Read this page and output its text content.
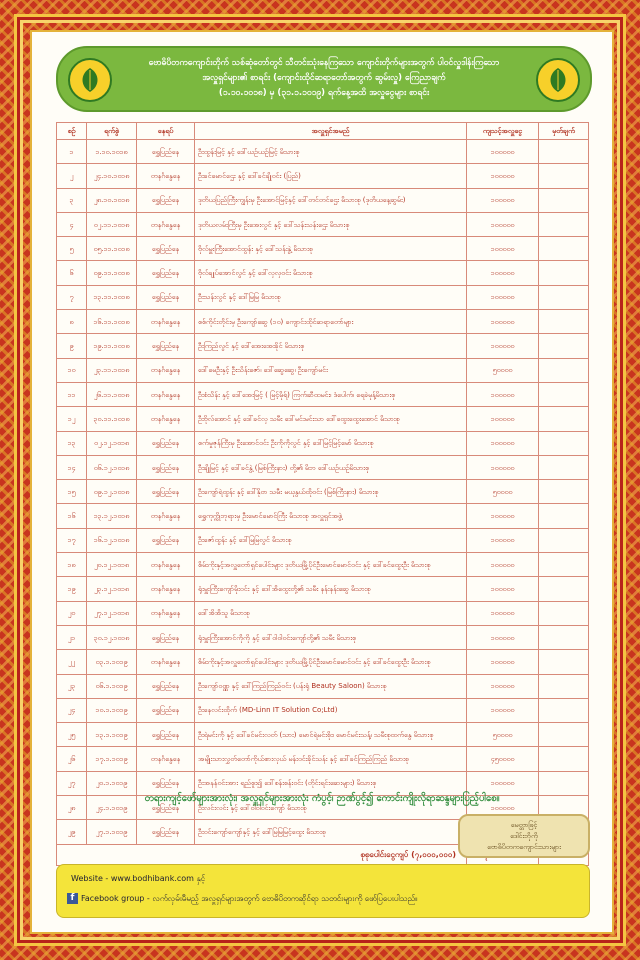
ဗောဓိပိတကကျောင်းတိုက် သစ်ဆုံတော်တွင် သီတင်းသုံးနေကြသော ကျောင်းတိုက်များအတွက် ပါဝင်လှူဒါန်းကြသော
အလှူရှင်များ၏ စာရင်း (ကျောင်းထိုင်ဆရာတော်အတွက် ဆွမ်းလှူ) ကြေညာချက်
(၁.၁၀.၁၀၁၈) မှ (၃၁.၁.၁၀၁၉) ရက်နေ့အထိ အလှူငွေများ စာရင်း
စဉ်	ရက်စွဲ	နေရပ်	အလှူရှင်အမည်	ကျသင့်အလှူငွေ	မှတ်ချက်
၁	၁.၁၀.၁၀၁၈	ရွှေပြည်နေ	ဦးထွန်းမြင့် နှင့် ဒေါ်ယဉ်ယဉ်မြင့် မိသားစု	၁၀၀၀၀၀	
၂	၂၄.၁၀.၁၀၁၈	တနင်္ဂနွေနေ	ဦးခင်မောင်ဌေး နှင့် ဒေါ်ခင်ချိုဝင်း (ပြည်)	၁၀၀၀၀၀	
၃	၂၈.၁၀.၁၀၁၈	ရွှေပြည်နေ	ဒုတိယပြည်ကြီးကျွန်းမှ ဦးအောင်မြင့်နှင့် ဒေါ်တင်တင်ဌေး မိသားစု (ဒုတိယနေ့ဆွမ်း)	၁၀၀၀၀၀	
၄	၀၂.၁၁.၁၀၁၈	တနင်္ဂနွေနေ	ဒုတိယလမ်းကြီးမှ ဦးအေးလွင် နှင့် ဒေါ်သန်းသန်းဌေး မိသားစု	၁၀၀၀၀၀	
၅	၀၅.၁၁.၁၀၁၈	ရွှေပြည်နေ	ဗိုလ်မှူးကြီးအောင်ထွန်း နှင့် ဒေါ်သန်းနွဲ့ မိသားစု	၁၀၀၀၀၀	
၆	၀၉.၁၁.၁၀၁၈	ရွှေပြည်နေ	ဗိုလ်ချုပ်အောင်လွင် နှင့် ဒေါ်လှလှဝင်း မိသားစု	၁၀၀၀၀၀	
၇	၁၃.၁၁.၁၀၁၈	ရွှေပြည်နေ	ဦးသန်းလွင် နှင့် ဒေါ်မြမြ မိသားစု	၁၀၀၀၀၀	
၈	၁၆.၁၁.၁၀၁၈	တနင်္ဂနွေနေ	စစ်ကိုင်းတိုင်းမှ ဦးကျော်ဆွေ (၁၀) ကျောင်းထိုင်ဆရာတော်များ	၁၀၀၀၀၀	
၉	၁၉.၁၁.၁၀၁၈	ရွှေပြည်နေ	ဦးကြည်လွင် နှင့် ဒေါ်အေးအေးခိုင် မိသားစု	၁၀၀၀၀၀	
၁၀	၂၃.၁၁.၁၀၁၈	တနင်္ဂနွေနေ	ဒေါ်မေဦးနှင့် ဦးသိန်းဇော်၊ ဒေါ်ဆွေဆွေ၊ ဦးကျော်မင်း	၅၀၀၀၀	
၁၁	၂၆.၁၁.၁၀၁၈	တနင်္ဂနွေနေ	ဦးစံသိန်း နှင့် ဒေါ်အေးမြင့် ( မြင့်မိုရ်) ကြက်ဆီထမင်း၊ ဒံပေါက်၊ ရေခဲမုန့်မိသားစု	၁၀၀၀၀၀	
၁၂	၃၀.၁၁.၁၀၁၈	တနင်္ဂနွေနေ	ဦးဗိုလ်အောင် နှင့် ဒေါ်ခင်လှ သမီး ဒေါ်မင်းမင်းသာ ဒေါ်ထွေးထွေးအောင် မိသားစု	၁၀၀၀၀၀	
၁၃	၀၂.၁၂.၁၀၁၈	ရွှေပြည်နေ	စက်မှုဇုန်ကြီးမှ ဦးအောင်ဝင်း ဦးကိုကိုလွင် နှင့် ဒေါ်မြင့်မြင့်မော် မိသားစု	၁၀၀၀၀၀	
၁၄	၀၆.၁၂.၁၀၁၈	ရွှေပြည်နေ	ဦးချိုမြင့် နှင့် ဒေါ်ခင်နွဲ့ (မြစ်ကြီးနား) တို့၏ မိဘ ဒေါ်ယဉ်ယဉ်မိသားစု	၁၀၀၀၀၀	
၁၅	၀၉.၁၂.၁၀၁၈	ရွှေပြည်နေ	ဦးကျော်ရဲထွန်း နှင့် ဒေါ်နိုဝာ သမီး မယုနွယ်ထိုဝင်း (မြစ်ကြီးနား) မိသားစု	၅၀၀၀၀	
၁၆	၁၃.၁၂.၁၀၁၈	တနင်္ဂနွေနေ	ရွှေကုက္ကိုဘုရားမှ ဦးမောင်မောင်ကြီး မိသားစု အလှူရှင်အဖွဲ့	၁၀၀၀၀၀	
၁၇	၁၆.၁၂.၁၀၁၈	ရွှေပြည်နေ	ဦးဇော်ထွန်း နှင့် ဒေါ်မြမြလွင် မိသားစု	၁၀၀၀၀၀	
၁၈	၂၀.၁၂.၁၀၁၈	တနင်္ဂနွေနေ	စိမ်းကိုးနှင့်အလှူတော်ရှင်ပေါင်းများ ဒုတိယမြို့ပိုင်ဦးမောင်မောင်ဝင်း နှင့် ဒေါ်ခင်ထွေးဦး မိသားစု	၁၀၀၀၀၀	
၁၉	၂၃.၁၂.၁၀၁၈	တနင်္ဂနွေနေ	ရုံးမှူးကြီးကျော်မိုးဝင်း နှင့် ဒေါ်အိထွေးတို့၏ သမီး နန်းနန်းဆွေ မိသားစု	၁၀၀၀၀၀	
၂၀	၂၇.၁၂.၁၀၁၈	တနင်္ဂနွေနေ	ဒေါ်အိအိသူ မိသားစု	၁၀၀၀၀၀	
၂၁	၃၀.၁၂.၁၀၁၈	ရွှေပြည်နေ	ရုံးမှူးကြီးအောင်ကိုကို နှင့် ဒေါ်ဝါဝါဝင်းကျော်တို့၏ သမီး မိသားစု	၁၀၀၀၀၀	
၂၂	၀၃.၁.၁၀၁၉	တနင်္ဂနွေနေ	စိမ်းကိုးနှင့်အလှူတော်ရှင်ပေါင်းများ ဒုတိယမြို့ပိုင်ဦးမောင်မောင်ဝင်း နှင့် ဒေါ်ခင်ထွေးဦး မိသားစု	၁၀၀၀၀၀	
၂၃	၀၆.၁.၁၀၁၉	ရွှေပြည်နေ	ဦးကျော်ဝဏ္ဏ နှင့် ဒေါ်ကြည်ကြည်ဝင်း (ပန်းရုံ Beauty Saloon) မိသားစု	၁၀၀၀၀၀	
၂၄	၁၀.၁.၁၀၁၉	ရွှေပြည်နေ	ဦးနေလင်းထိုက် (MD-Linn IT Solution Co;Ltd)	၁၀၀၀၀၀	
၂၅	၁၃.၁.၁၀၁၉	ရွှေပြည်နေ	ဦးရဲမင်းကို နှင့် ဒေါ်ခင်မင်းလတ် (သား) မောင်ရဲမင်းစိုး၊ မောင်မင်းသန့်၊ သမီးစုထက်နွေ မိသားစု	၅၀၀၀၀	
၂၆	၁၇.၁.၁၀၁၉	တနင်္ဂနွေနေ	အမျိုးသားလွှတ်တော်ကိုယ်စားလှယ် မန်းဝင်းခိုင်သန်း နှင့် ဒေါ်ခင်ကြည်ကြည် မိသားစု	၄၅၀၀၀၀	
၂၇	၂၀.၁.၁၀၁၉	ရွှေပြည်နေ	ဦးအနန်ဝင်းအား ရည်စူး၍ ဒေါ်စန်းစန်းဝင်း (တိုင်းရင်းဆေးများ) မိသားစု	၁၀၀၀၀၀	
၂၈	၂၄.၁.၁၀၁၉	ရွှေပြည်နေ	ဦးလင်းလင်း နှင့် ဒေါ်ဝါဝါဝင်းကျော် မိသားစု	၁၀၀၀၀၀	
၂၉	၂၇.၁.၁၀၁၉	ရွှေပြည်နေ	ဦးဝင်းကျော်ကျော်နှင့် နှင့် ဒေါ်မြမြမြင့်ထွေး မိသားစု		
စုစုပေါင်းငွေကျပ် (၇,၀၀၀,၀၀၀)		
တရားကျင့်ဖော်များအားလုံး၊ အလှူရှင်များအားလုံး ကံပွင့်၊ ဉာဏ်ပွင့်၍ ကောင်းကျိုးလိုရာဆန္ဒများပြည့်ပါစေ။
မေတ္တာဖြင့်
ဒေါင်းဘိုကို
ဗောဓိပိတကကျောင်းသားများ
Website - www.bodhibank.com နှင့်
f Facebook group - လက်လှမ်းမီမည့် အလှူရှင်များအတွက် ဗောဓိပိတကဆိုင်ရာ သတင်းများကို ဖော်ပြပေးပါသည်။
